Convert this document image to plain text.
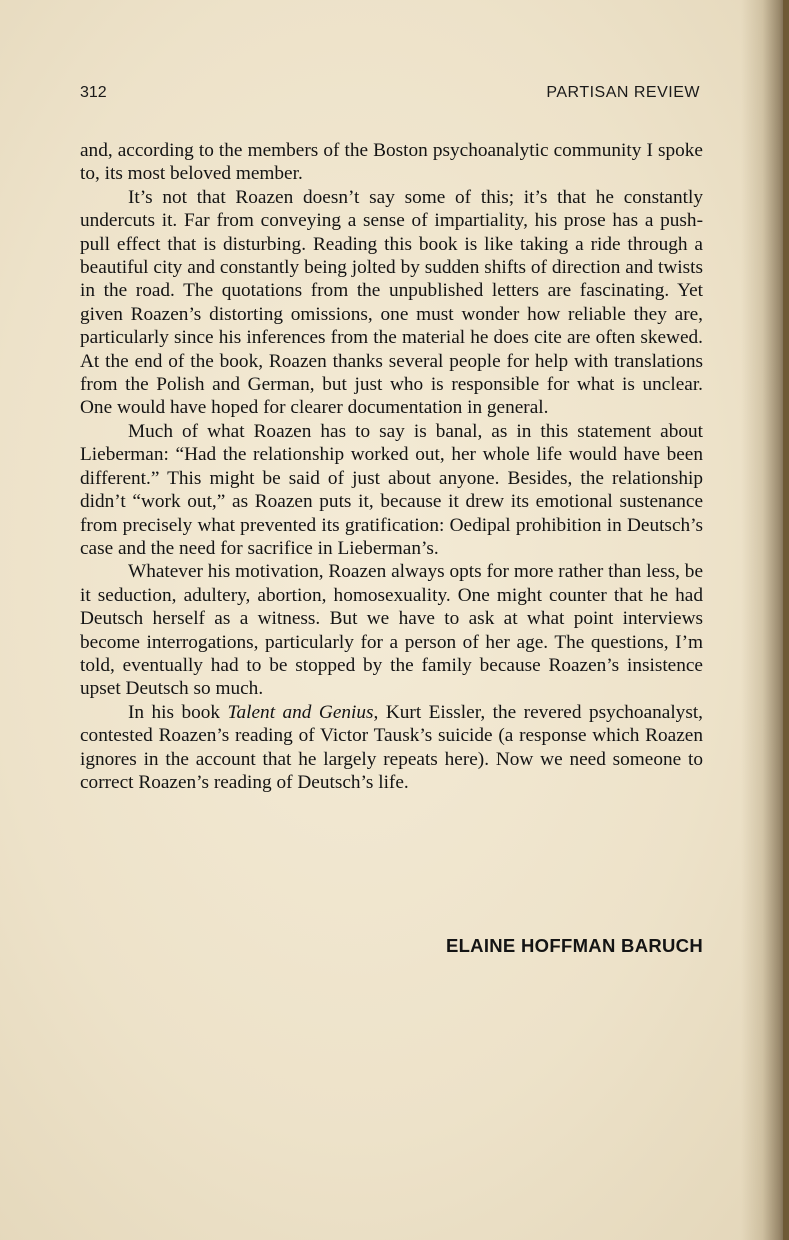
312	PARTISAN REVIEW

and, according to the members of the Boston psychoanalytic community I spoke to, its most beloved member.

It’s not that Roazen doesn’t say some of this; it’s that he constantly undercuts it. Far from conveying a sense of impartiality, his prose has a push-pull effect that is disturbing. Reading this book is like taking a ride through a beautiful city and constantly being jolted by sudden shifts of direction and twists in the road. The quotations from the unpublished letters are fascinating. Yet given Roazen’s distorting omissions, one must wonder how reliable they are, particularly since his inferences from the material he does cite are often skewed. At the end of the book, Roazen thanks several people for help with translations from the Polish and German, but just who is responsible for what is unclear. One would have hoped for clearer documentation in general.

Much of what Roazen has to say is banal, as in this statement about Lieberman: “Had the relationship worked out, her whole life would have been different.” This might be said of just about anyone. Besides, the relationship didn’t “work out,” as Roazen puts it, because it drew its emotional sustenance from precisely what prevented its gratification: Oedipal prohibition in Deutsch’s case and the need for sacrifice in Lieberman’s.

Whatever his motivation, Roazen always opts for more rather than less, be it seduction, adultery, abortion, homosexuality. One might counter that he had Deutsch herself as a witness. But we have to ask at what point interviews become interrogations, particularly for a person of her age. The questions, I’m told, eventually had to be stopped by the family because Roazen’s insistence upset Deutsch so much.

In his book Talent and Genius, Kurt Eissler, the revered psychoanalyst, contested Roazen’s reading of Victor Tausk’s suicide (a response which Roazen ignores in the account that he largely repeats here). Now we need someone to correct Roazen’s reading of Deutsch’s life.

ELAINE HOFFMAN BARUCH
